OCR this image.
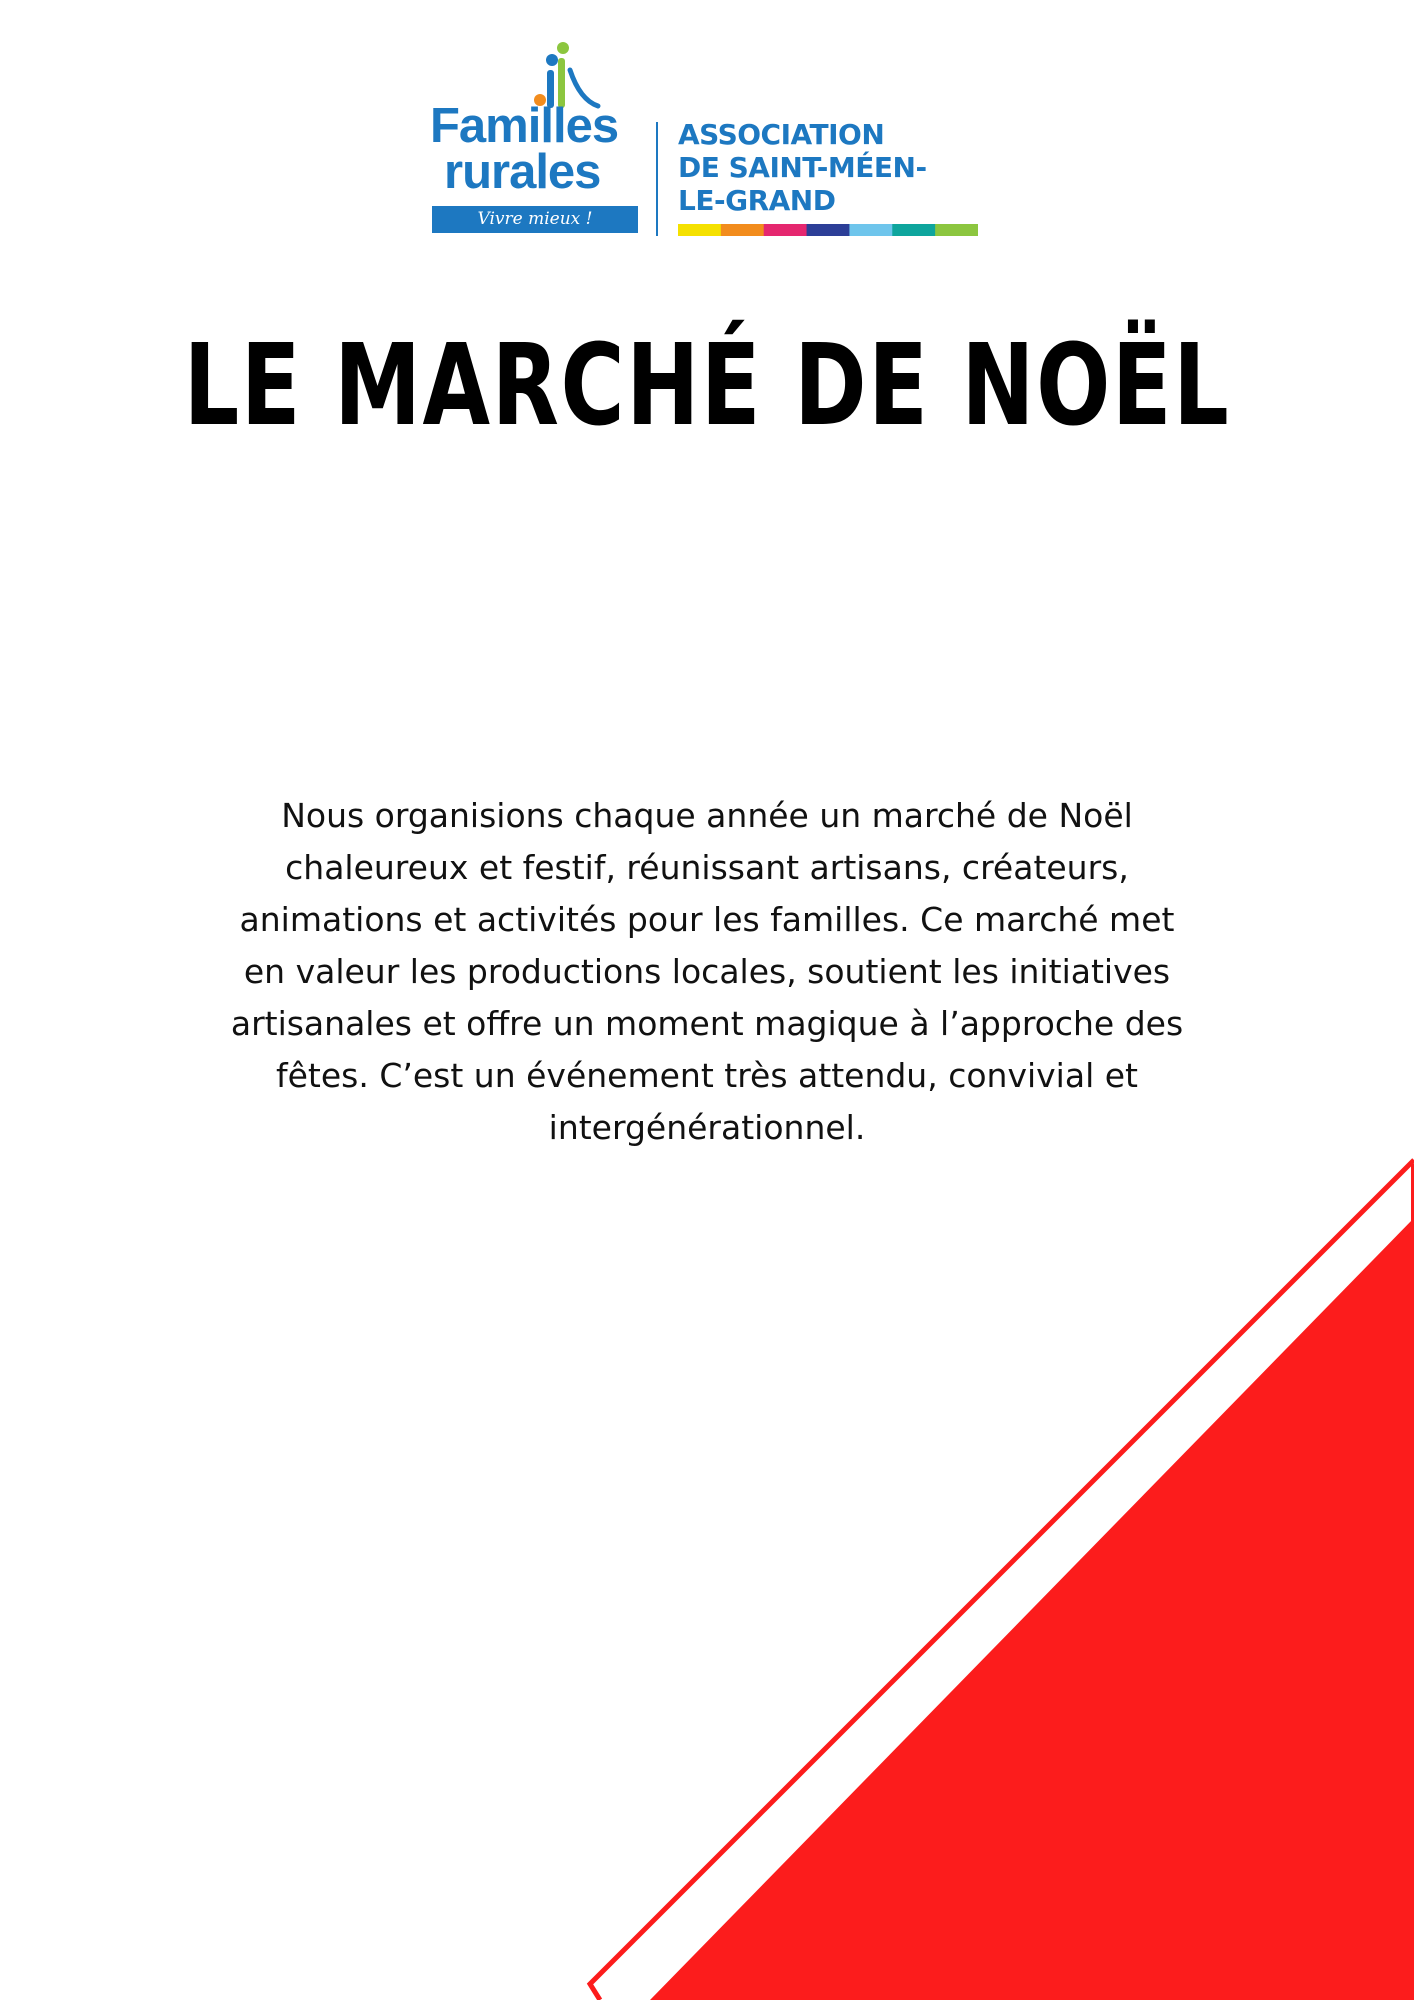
Familles
rurales
Vivre mieux !
ASSOCIATION
DE SAINT-MÉEN-
LE-GRAND
LE MARCHÉ DE NOËL
Nous organisions chaque année un marché de Noël
chaleureux et festif, réunissant artisans, créateurs,
animations et activités pour les familles. Ce marché met
en valeur les productions locales, soutient les initiatives
artisanales et offre un moment magique à l’approche des
fêtes. C’est un événement très attendu, convivial et
intergénérationnel.
